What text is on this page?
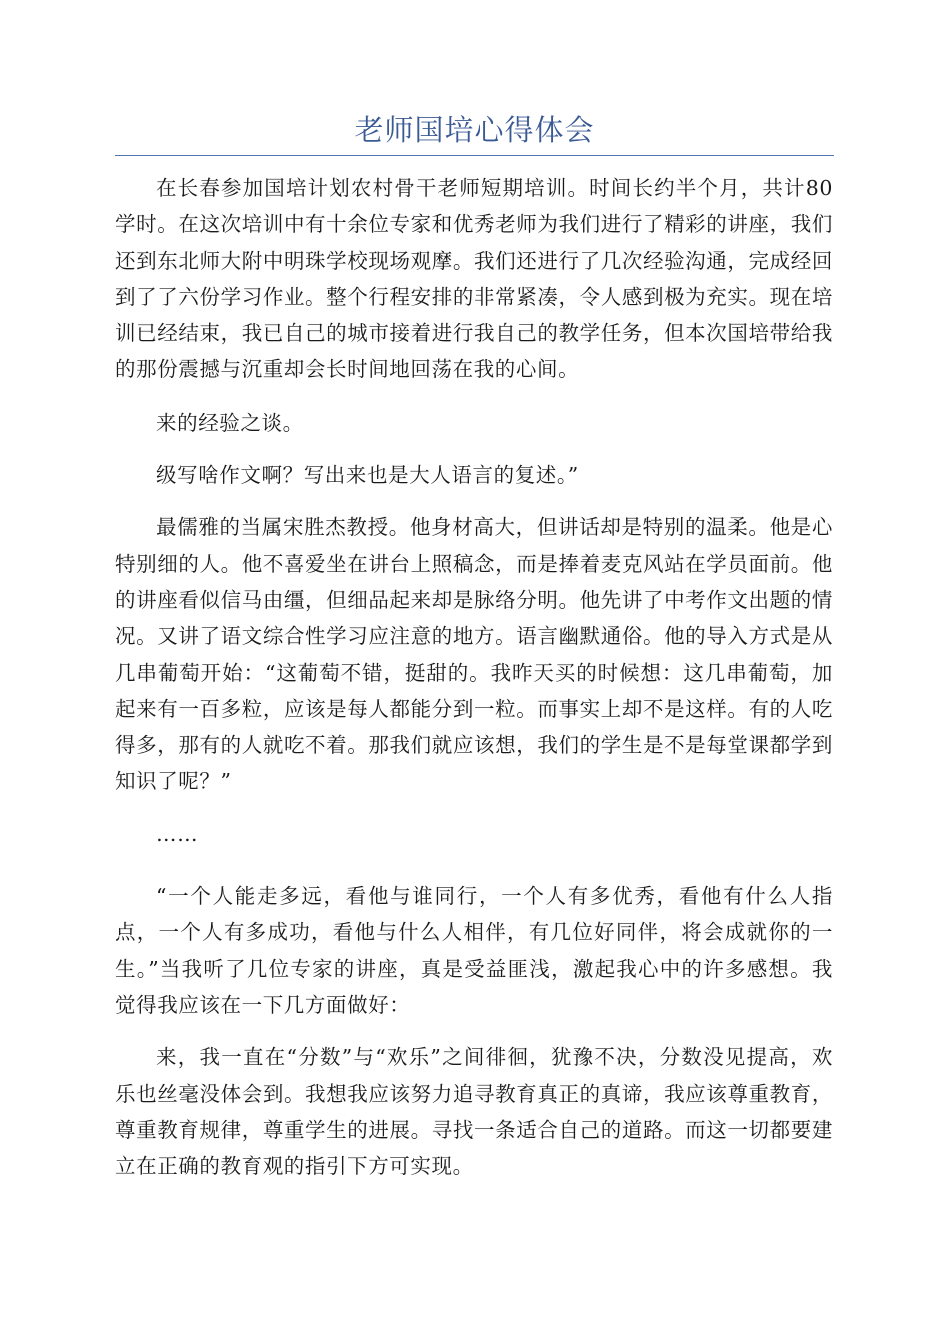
老师国培心得体会

在长春参加国培计划农村骨干老师短期培训。时间长约半个月，共计80学时。在这次培训中有十余位专家和优秀老师为我们进行了精彩的讲座，我们还到东北师大附中明珠学校现场观摩。我们还进行了几次经验沟通，完成经回到了了六份学习作业。整个行程安排的非常紧凑，令人感到极为充实。现在培训已经结束，我已自己的城市接着进行我自己的教学任务，但本次国培带给我的那份震撼与沉重却会长时间地回荡在我的心间。

来的经验之谈。

级写啥作文啊？写出来也是大人语言的复述。”

最儒雅的当属宋胜杰教授。他身材高大，但讲话却是特别的温柔。他是心特别细的人。他不喜爱坐在讲台上照稿念，而是捧着麦克风站在学员面前。他的讲座看似信马由缰，但细品起来却是脉络分明。他先讲了中考作文出题的情况。又讲了语文综合性学习应注意的地方。语言幽默通俗。他的导入方式是从几串葡萄开始：“这葡萄不错，挺甜的。我昨天买的时候想：这几串葡萄，加起来有一百多粒，应该是每人都能分到一粒。而事实上却不是这样。有的人吃得多，那有的人就吃不着。那我们就应该想，我们的学生是不是每堂课都学到知识了呢？”

……

“一个人能走多远，看他与谁同行，一个人有多优秀，看他有什么人指点，一个人有多成功，看他与什么人相伴，有几位好同伴，将会成就你的一生。”当我听了几位专家的讲座，真是受益匪浅，激起我心中的许多感想。我觉得我应该在一下几方面做好：

来，我一直在“分数”与“欢乐”之间徘徊，犹豫不决，分数没见提高，欢乐也丝毫没体会到。我想我应该努力追寻教育真正的真谛，我应该尊重教育，尊重教育规律，尊重学生的进展。寻找一条适合自己的道路。而这一切都要建立在正确的教育观的指引下方可实现。
